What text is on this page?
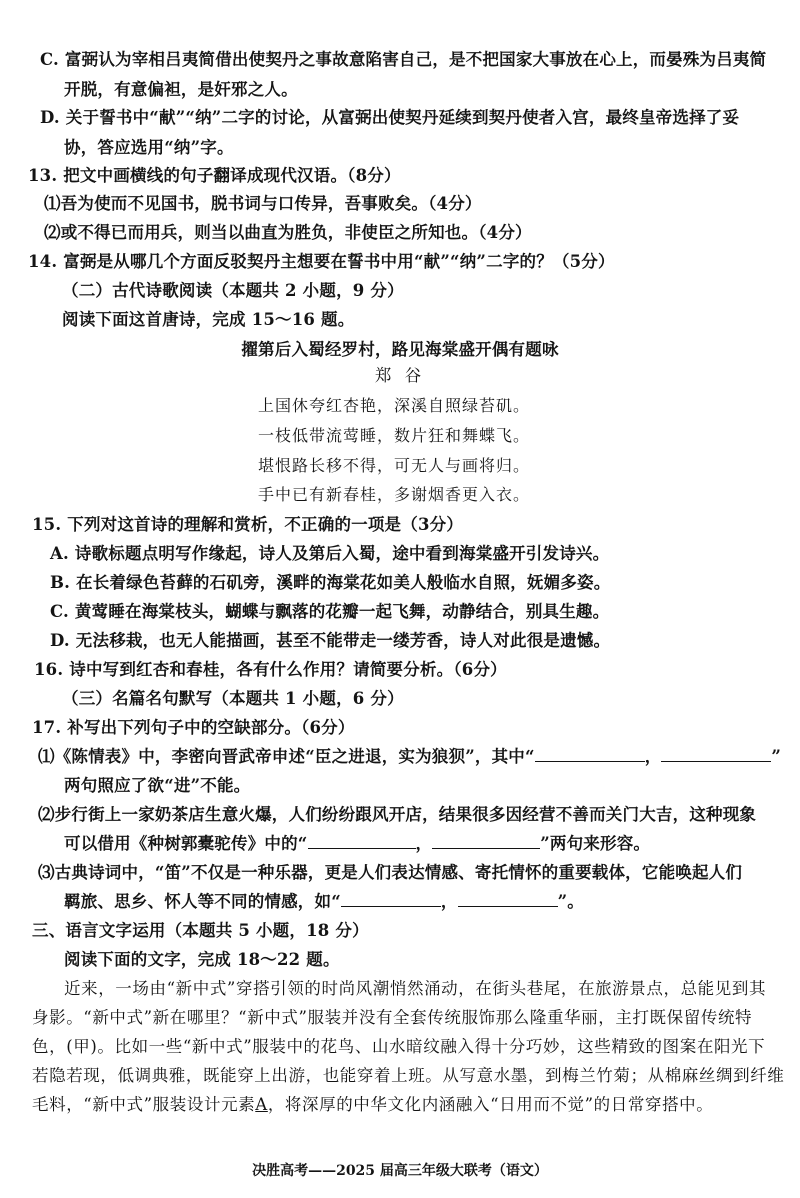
C. 富弼认为宰相吕夷简借出使契丹之事故意陷害自己，是不把国家大事放在心上，而晏殊为吕夷简
开脱，有意偏袒，是奸邪之人。
D. 关于誓书中“献”“纳”二字的讨论，从富弼出使契丹延续到契丹使者入宫，最终皇帝选择了妥
协，答应选用“纳”字。
13. 把文中画横线的句子翻译成现代汉语。（8分）
⑴吾为使而不见国书，脱书词与口传异，吾事败矣。（4分）
⑵或不得已而用兵，则当以曲直为胜负，非使臣之所知也。（4分）
14. 富弼是从哪几个方面反驳契丹主想要在誓书中用“献”“纳”二字的？（5分）
（二）古代诗歌阅读（本题共 2 小题，9 分）
阅读下面这首唐诗，完成 15～16 题。
擢第后入蜀经罗村，路见海棠盛开偶有题咏
郑 谷
上国休夸红杏艳，深溪自照绿苔矶。
一枝低带流莺睡，数片狂和舞蝶飞。
堪恨路长移不得，可无人与画将归。
手中已有新春桂，多谢烟香更入衣。
15. 下列对这首诗的理解和赏析，不正确的一项是（3分）
A. 诗歌标题点明写作缘起，诗人及第后入蜀，途中看到海棠盛开引发诗兴。
B. 在长着绿色苔藓的石矶旁，溪畔的海棠花如美人般临水自照，妩媚多姿。
C. 黄莺睡在海棠枝头，蝴蝶与飘落的花瓣一起飞舞，动静结合，别具生趣。
D. 无法移栽，也无人能描画，甚至不能带走一缕芳香，诗人对此很是遗憾。
16. 诗中写到红杏和春桂，各有什么作用？请简要分析。（6分）
（三）名篇名句默写（本题共 1 小题，6 分）
17. 补写出下列句子中的空缺部分。（6分）
⑴《陈情表》中，李密向晋武帝申述“臣之进退，实为狼狈”，其中“	，	”
两句照应了欲“进”不能。
⑵步行街上一家奶茶店生意火爆，人们纷纷跟风开店，结果很多因经营不善而关门大吉，这种现象
可以借用《种树郭橐驼传》中的“	，	”两句来形容。
⑶古典诗词中，“笛”不仅是一种乐器，更是人们表达情感、寄托情怀的重要载体，它能唤起人们
羁旅、思乡、怀人等不同的情感，如“	，	”。
三、语言文字运用（本题共 5 小题，18 分）
阅读下面的文字，完成 18～22 题。
近来，一场由“新中式”穿搭引领的时尚风潮悄然涌动，在街头巷尾，在旅游景点，总能见到其
身影。“新中式”新在哪里？“新中式”服装并没有全套传统服饰那么隆重华丽，主打既保留传统特
色，(甲)。比如一些“新中式”服装中的花鸟、山水暗纹融入得十分巧妙，这些精致的图案在阳光下
若隐若现，低调典雅，既能穿上出游，也能穿着上班。从写意水墨，到梅兰竹菊；从棉麻丝绸到纤维
毛料，“新中式”服装设计元素A，将深厚的中华文化内涵融入“日用而不觉”的日常穿搭中。
决胜高考——2025 届高三年级大联考（语文）
